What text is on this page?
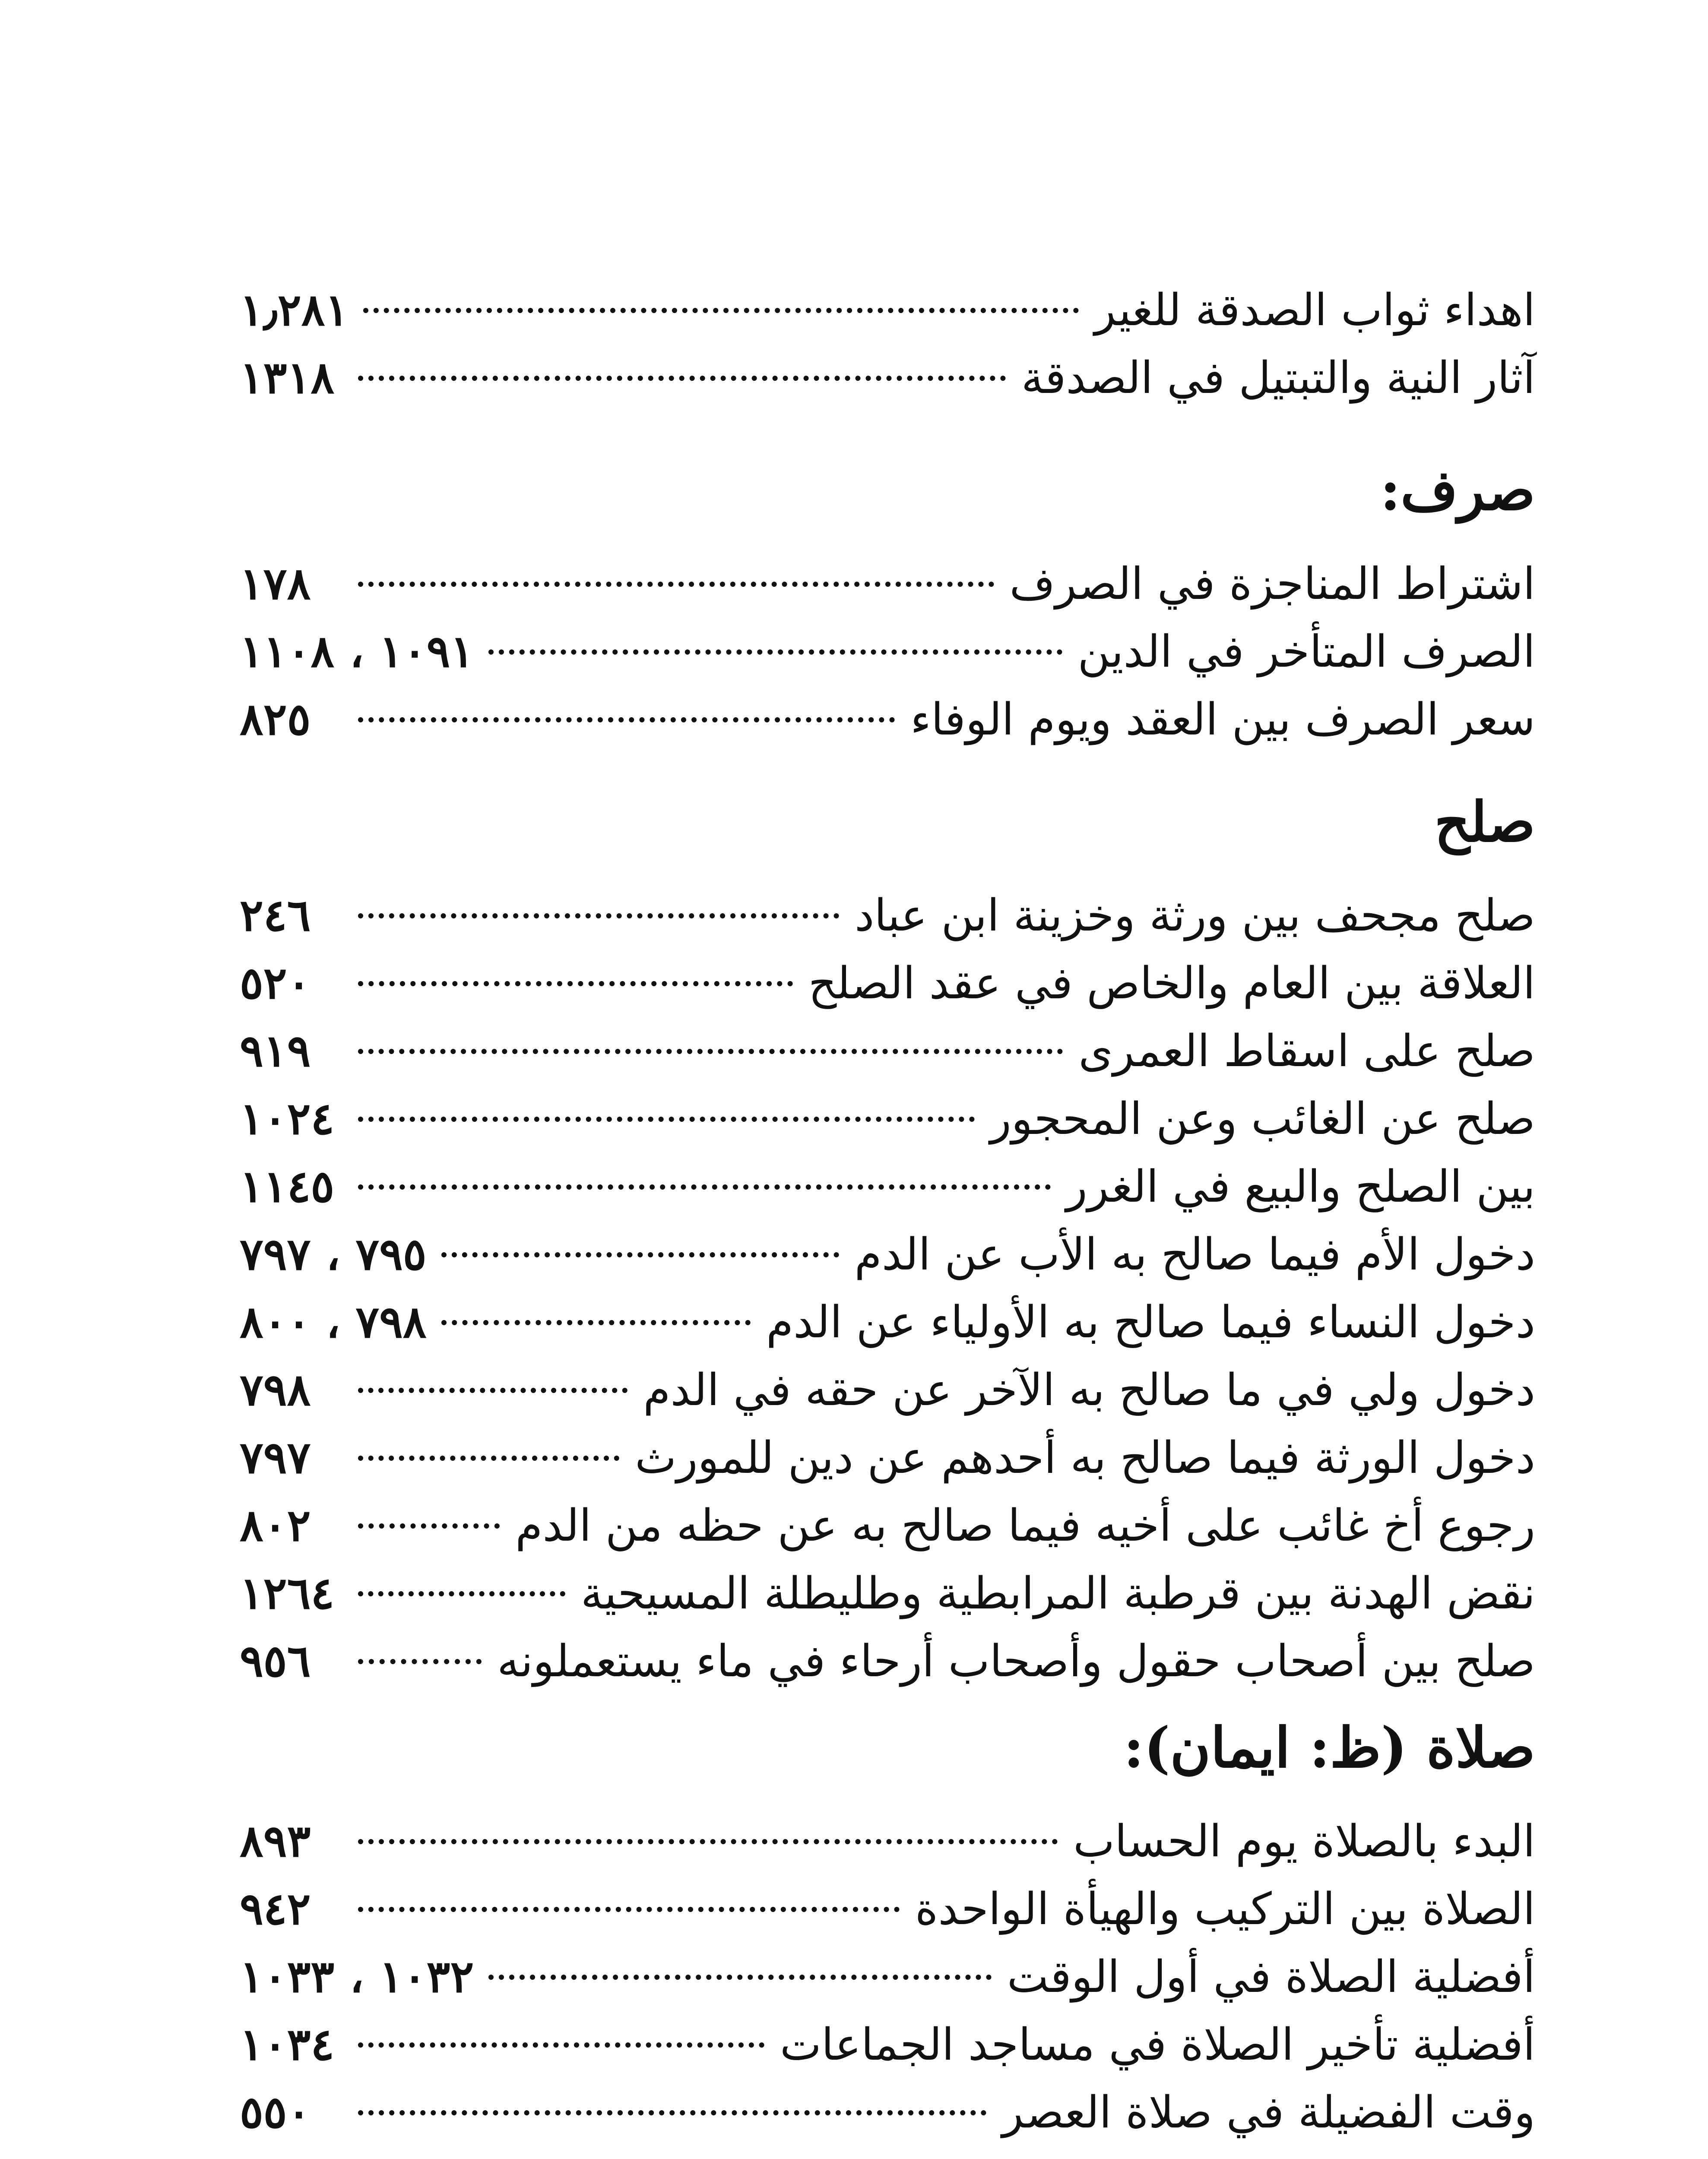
اهداء ثواب الصدقة للغير
١٫٢٨١
آثار النية والتبتيل في الصدقة
١٣١٨
صرف:
اشتراط المناجزة في الصرف
١٧٨
الصرف المتأخر في الدين
١٠٩١ ، ١١٠٨
سعر الصرف بين العقد ويوم الوفاء
٨٢٥
صلح
صلح مجحف بين ورثة وخزينة ابن عباد
٢٤٦
العلاقة بين العام والخاص في عقد الصلح
٥٢٠
صلح على اسقاط العمرى
٩١٩
صلح عن الغائب وعن المحجور
١٠٢٤
بين الصلح والبيع في الغرر
١١٤٥
دخول الأم فيما صالح به الأب عن الدم
٧٩٥ ، ٧٩٧
دخول النساء فيما صالح به الأولياء عن الدم
٧٩٨ ، ٨٠٠
دخول ولي في ما صالح به الآخر عن حقه في الدم
٧٩٨
دخول الورثة فيما صالح به أحدهم عن دين للمورث
٧٩٧
رجوع أخ غائب على أخيه فيما صالح به عن حظه من الدم
٨٠٢
نقض الهدنة بين قرطبة المرابطية وطليطلة المسيحية
١٢٦٤
صلح بين أصحاب حقول وأصحاب أرحاء في ماء يستعملونه
٩٥٦
صلاة (ظ: ايمان):
البدء بالصلاة يوم الحساب
٨٩٣
الصلاة بين التركيب والهيأة الواحدة
٩٤٢
أفضلية الصلاة في أول الوقت
١٠٣٢ ، ١٠٣٣
أفضلية تأخير الصلاة في مساجد الجماعات
١٠٣٤
وقت الفضيلة في صلاة العصر
٥٥٠
